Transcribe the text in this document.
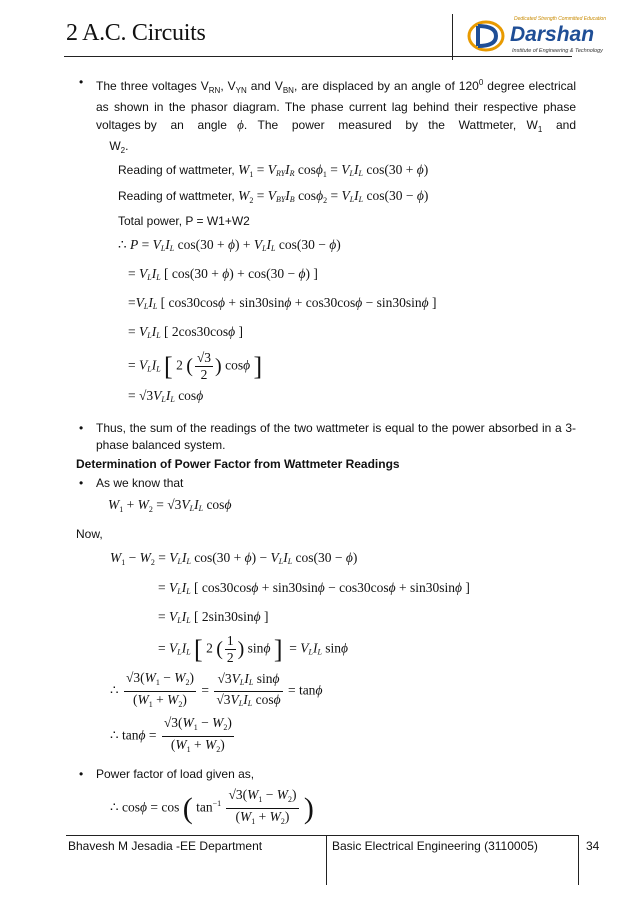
2 A.C. Circuits
Dedicated Strength Committed Education
Darshan
Institute of Engineering & Technology
• The three voltages $V_{RN}$, $V_{YN}$ and $V_{BN}$, are displaced by an angle of $120^0$ degree electrical as shown in the phasor diagram. The phase current lag behind their respective phase voltages by    an    angle   ϕ.   The    power    measured    by   the    Wattmeter,   $W_1$    and     $W_2$.
Reading of wattmeter, $W_1$ = VRYIR cosϕ$_1$ = VLIL cos(30 + ϕ)
Reading of wattmeter, $W_2$ = VBYIB cosϕ$_2$ = VLIL cos(30 − ϕ)
Total power, P = W1+W2
∴ P = VLIL cos(30 + ϕ) + VLIL cos(30 − ϕ)
= VLIL [ cos(30 + ϕ) + cos(30 − ϕ) ]
=VLIL [ cos30cosϕ + sin30sinϕ + cos30cosϕ − sin30sinϕ ]
= VLIL [ 2cos30cosϕ ]
= VLIL [ 2 ( $\frac{√3}{2}$ ) cosϕ ]
= √3VLIL cosϕ
• Thus, the sum of the readings of the two wattmeter is equal to the power absorbed in a 3-phase balanced system.
Determination of Power Factor from Wattmeter Readings
• As we know that
$W_1 + W_2$ = √3VLIL cosϕ
Now,
$W_1 - W_2$ = VLIL cos(30 + ϕ) − VLIL cos(30 − ϕ)
= VLIL [ cos30cosϕ + sin30sinϕ − cos30cosϕ + sin30sinϕ ]
= VLIL [ 2sin30sinϕ ]
= VLIL [ 2 ( $\frac{1}{2}$ ) sinϕ ]  = VLIL sinϕ
∴ $\frac{√3(W_1 - W_2)}{(W_1 + W_2)} = \frac{\text{√3VLIL sinϕ}}{\text{√3VLIL cosϕ}} = \tan\phi$
∴ $\tan\phi = \frac{√3(W_1 - W_2)}{(W_1 + W_2)}$
• Power factor of load given as,
∴ cosϕ = cos ( $\tan^{-1} \frac{√3(W_1 - W_2)}{(W_1 + W_2)}$ )
Bhavesh M Jesadia -EE Department	Basic Electrical Engineering (3110005)	34
